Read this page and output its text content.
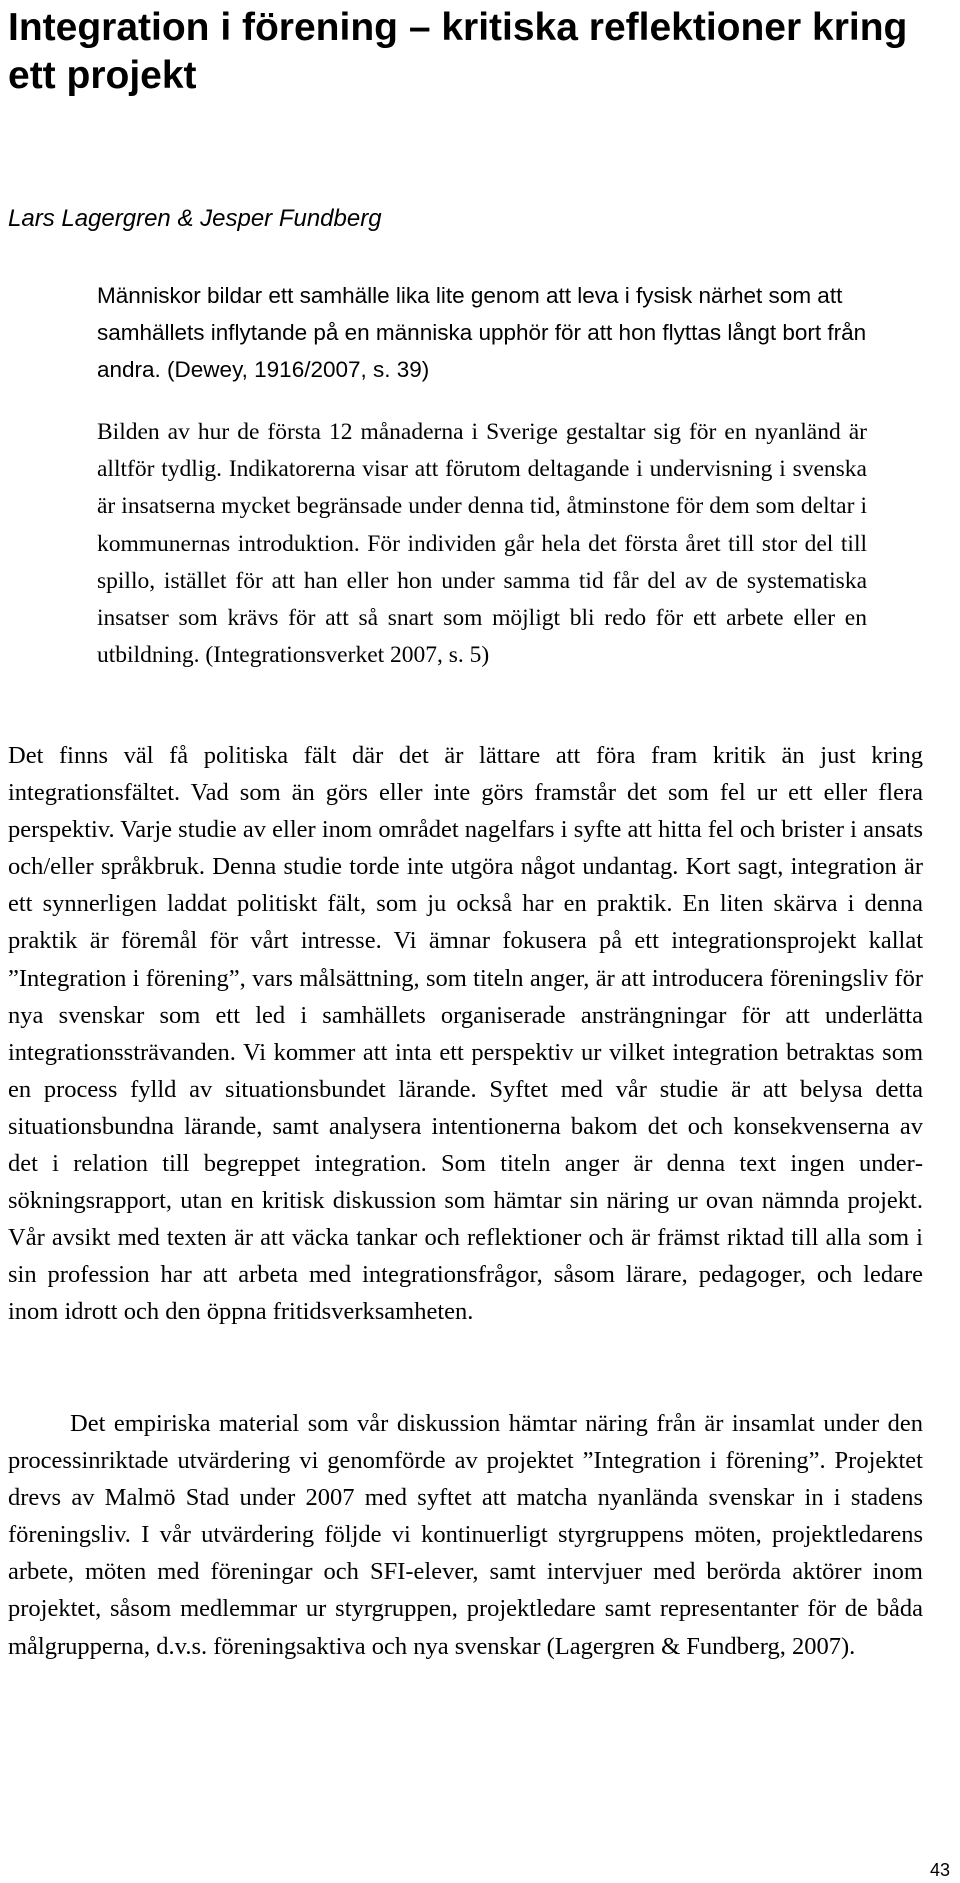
Integration i förening – kritiska reflektioner kring ett projekt

Lars Lagergren & Jesper Fundberg

Människor bildar ett samhälle lika lite genom att leva i fysisk närhet som att samhällets inflytande på en människa upphör för att hon flyttas långt bort från andra. (Dewey, 1916/2007, s. 39)

Bilden av hur de första 12 månaderna i Sverige gestaltar sig för en nyanländ är alltför tydlig. Indikatorerna visar att förutom deltagande i undervisning i svenska är insatserna mycket begränsade under denna tid, åtminstone för dem som deltar i kommunernas introduktion. För individen går hela det första året till stor del till spillo, istället för att han eller hon under samma tid får del av de systematiska insatser som krävs för att så snart som möjligt bli redo för ett arbete eller en utbildning. (Integrationsverket 2007, s. 5)

Det finns väl få politiska fält där det är lättare att föra fram kritik än just kring integrationsfältet. Vad som än görs eller inte görs framstår det som fel ur ett eller flera perspektiv. Varje studie av eller inom området nagelfars i syfte att hitta fel och brister i ansats och/eller språkbruk. Denna studie torde inte utgöra något undantag. Kort sagt, integration är ett synnerligen laddat politiskt fält, som ju också har en praktik. En liten skärva i denna praktik är föremål för vårt intresse. Vi ämnar fokusera på ett integrationsprojekt kallat ”Integration i förening”, vars målsättning, som titeln anger, är att introducera föreningsliv för nya svenskar som ett led i samhällets organiserade ansträngningar för att underlätta integrationssträvanden. Vi kommer att inta ett perspektiv ur vilket integration betraktas som en process fylld av situationsbundet lärande. Syftet med vår studie är att belysa detta situationsbundna lärande, samt analysera intentionerna bakom det och konsekvenserna av det i relation till begreppet integration. Som titeln anger är denna text ingen undersökningsrapport, utan en kritisk diskussion som hämtar sin näring ur ovan nämnda projekt. Vår avsikt med texten är att väcka tankar och reflektioner och är främst riktad till alla som i sin profession har att arbeta med integrationsfrågor, såsom lärare, pedagoger, och ledare inom idrott och den öppna fritidsverksamheten.

Det empiriska material som vår diskussion hämtar näring från är insamlat under den processinriktade utvärdering vi genomförde av projektet ”Integration i förening”. Projektet drevs av Malmö Stad under 2007 med syftet att matcha nyanlända svenskar in i stadens föreningsliv. I vår utvärdering följde vi kontinuerligt styrgruppens möten, projektledarens arbete, möten med föreningar och SFI-elever, samt intervjuer med berörda aktörer inom projektet, såsom medlemmar ur styrgruppen, projektledare samt representanter för de båda målgrupperna, d.v.s. föreningsaktiva och nya svenskar (Lagergren & Fundberg, 2007).

43
